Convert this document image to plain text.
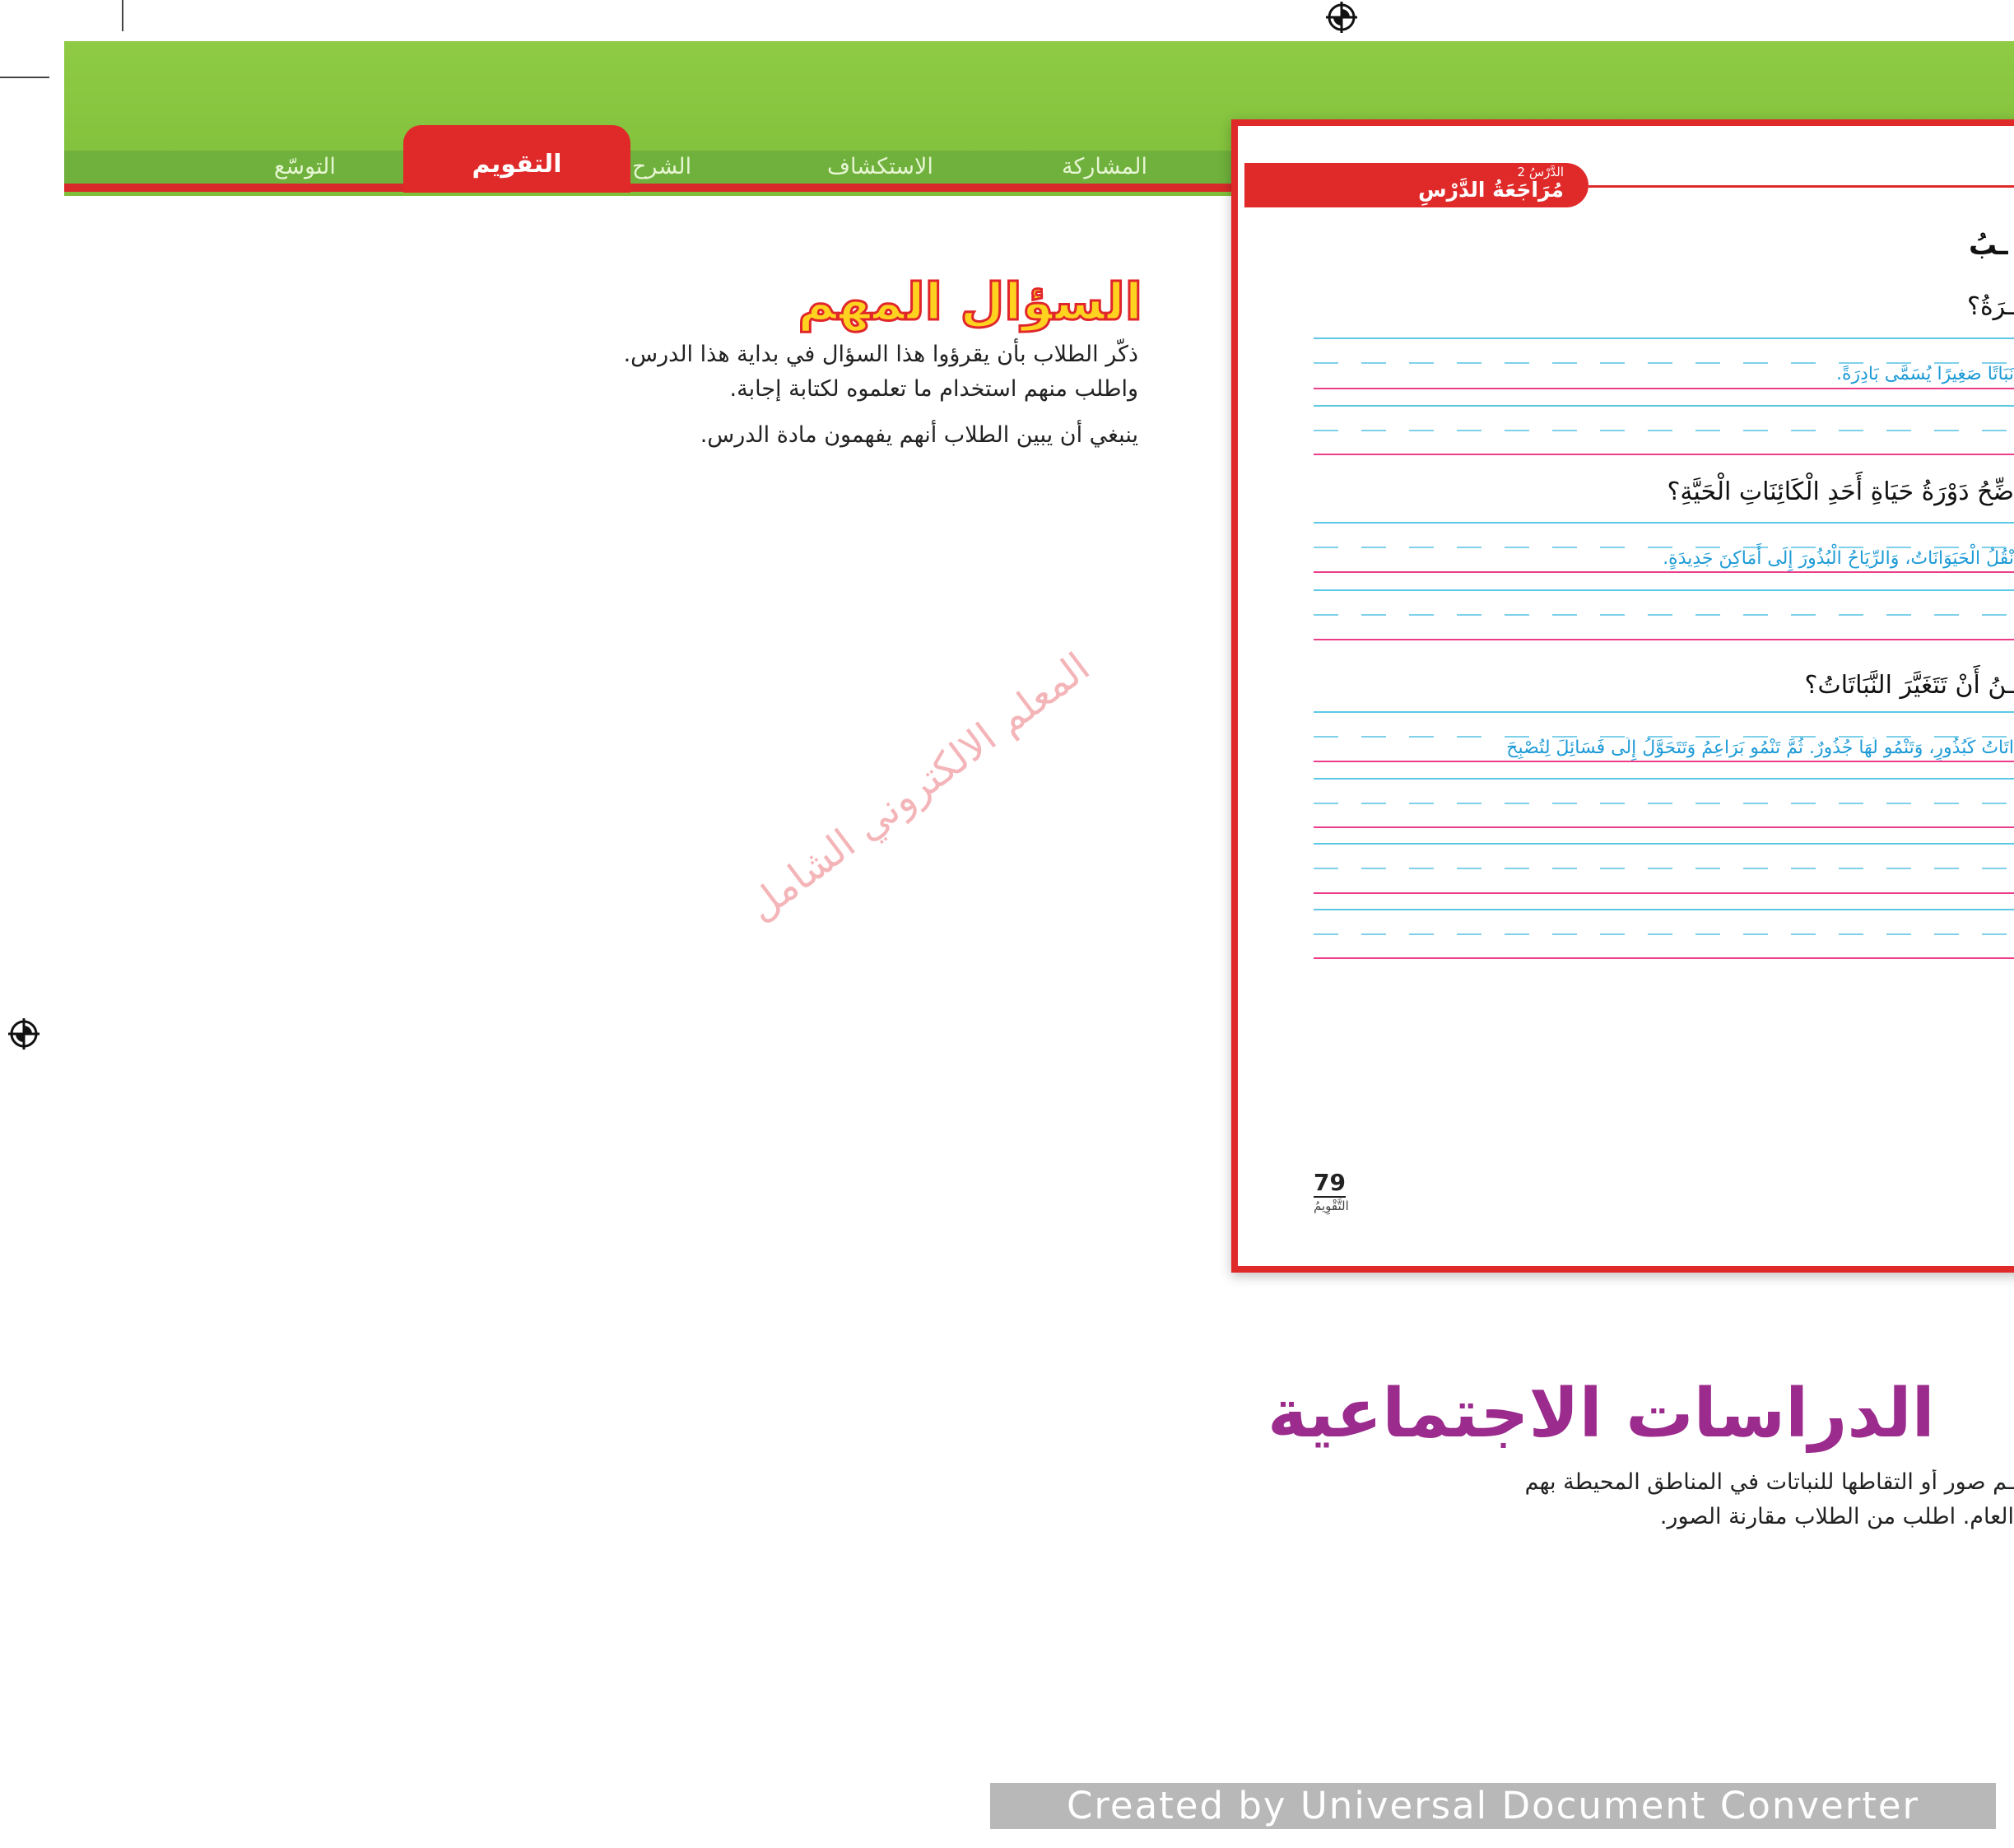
المشاركة
الاستكشاف
الشرح
التقويم
التوسّع
السؤال المهم
ذكّر الطلاب بأن يقرؤوا هذا السؤال في بداية هذا الدرس.
واطلب منهم استخدام ما تعلموه لكتابة إجابة.
ينبغي أن يبين الطلاب أنهم يفهمون مادة الدرس.
المعلم الالكتروني الشامل
الدَّرْسُ 2
مُرَاجَعَةُ الدَّرْسِ
ـبُ
ـرَةُ؟
نَبَاتًا صَغِيرًا يُسَمَّى بَادِرَةً.
ضِّحُ دَوْرَةُ حَيَاةِ أَحَدِ الْكَائِنَاتِ الْحَيَّةِ؟
نْقُلُ الْحَيَوَانَاتُ، وَالرِّيَاحُ الْبُذُورَ إِلَى أَمَاكِنَ جَدِيدَةٍ.
ـنُ أَنْ تَتَغَيَّرَ النَّبَاتَاتُ؟
اتَاتُ كَبُذُورٍ، وَتَنْمُو لَهَا جُذُورٌ. ثُمَّ تَنْمُو بَرَاعِمُ وَتَتَحَوَّلُ إِلَى فَسَائِلَ لِتُصْبِحَ
79
التَّقْوِيمُ
الدراسات الاجتماعية
ـم صور أو التقاطها للنباتات في المناطق المحيطة بهم
العام. اطلب من الطلاب مقارنة الصور.
Created by Universal Document Converter
